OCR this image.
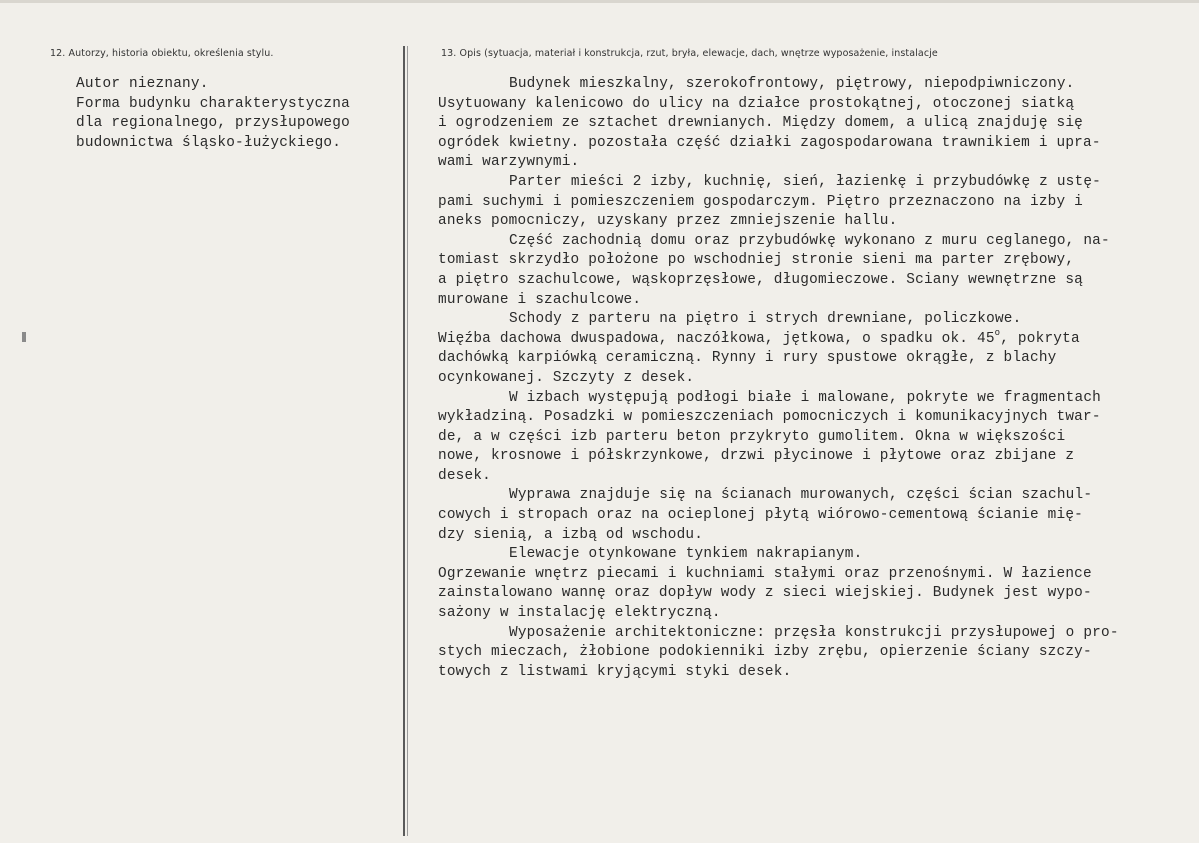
12. Autorzy, historia obiektu, określenia stylu.	13. Opis (sytuacja, materiał i konstrukcja, rzut, bryła, elewacje, dach, wnętrze wyposażenie, instalacje
Autor nieznany.
Forma budynku charakterystyczna
dla regionalnego, przysłupowego
budownictwa śląsko-łużyckiego.
Budynek mieszkalny, szerokofrontowy, piętrowy, niepodpiwniczony.
Usytuowany kalenicowo do ulicy na działce prostokątnej, otoczonej siatką
i ogrodzeniem ze sztachet drewnianych. Między domem, a ulicą znajduję się
ogródek kwietny. pozostała część działki zagospodarowana trawnikiem i upra-
wami warzywnymi.
Parter mieści 2 izby, kuchnię, sień, łazienkę i przybudówkę z ustę-
pami suchymi i pomieszczeniem gospodarczym. Piętro przeznaczono na izby i
aneks pomocniczy, uzyskany przez zmniejszenie hallu.
Część zachodnią domu oraz przybudówkę wykonano z muru ceglanego, na-
tomiast skrzydło położone po wschodniej stronie sieni ma parter zrębowy,
a piętro szachulcowe, wąskoprzęsłowe, długomieczowe. Sciany wewnętrzne są
murowane i szachulcowe.
Schody z parteru na piętro i strych drewniane, policzkowe.
Więźba dachowa dwuspadowa, naczółkowa, jętkowa, o spadku ok. 45$^o$, pokryta
dachówką karpiówką ceramiczną. Rynny i rury spustowe okrągłe, z blachy
ocynkowanej. Szczyty z desek.
W izbach występują podłogi białe i malowane, pokryte we fragmentach
wykładziną. Posadzki w pomieszczeniach pomocniczych i komunikacyjnych twar-
de, a w części izb parteru beton przykryto gumolitem. Okna w większości
nowe, krosnowe i półskrzynkowe, drzwi płycinowe i płytowe oraz zbijane z
desek.
Wyprawa znajduje się na ścianach murowanych, części ścian szachul-
cowych i stropach oraz na ocieplonej płytą wiórowo-cementową ścianie mię-
dzy sienią, a izbą od wschodu.
Elewacje otynkowane tynkiem nakrapianym.
Ogrzewanie wnętrz piecami i kuchniami stałymi oraz przenośnymi. W łazience
zainstalowano wannę oraz dopływ wody z sieci wiejskiej. Budynek jest wypo-
sażony w instalację elektryczną.
Wyposażenie architektoniczne: przęsła konstrukcji przysłupowej o pro-
stych mieczach, żłobione podokienniki izby zrębu, opierzenie ściany szczy-
towych z listwami kryjącymi styki desek.
